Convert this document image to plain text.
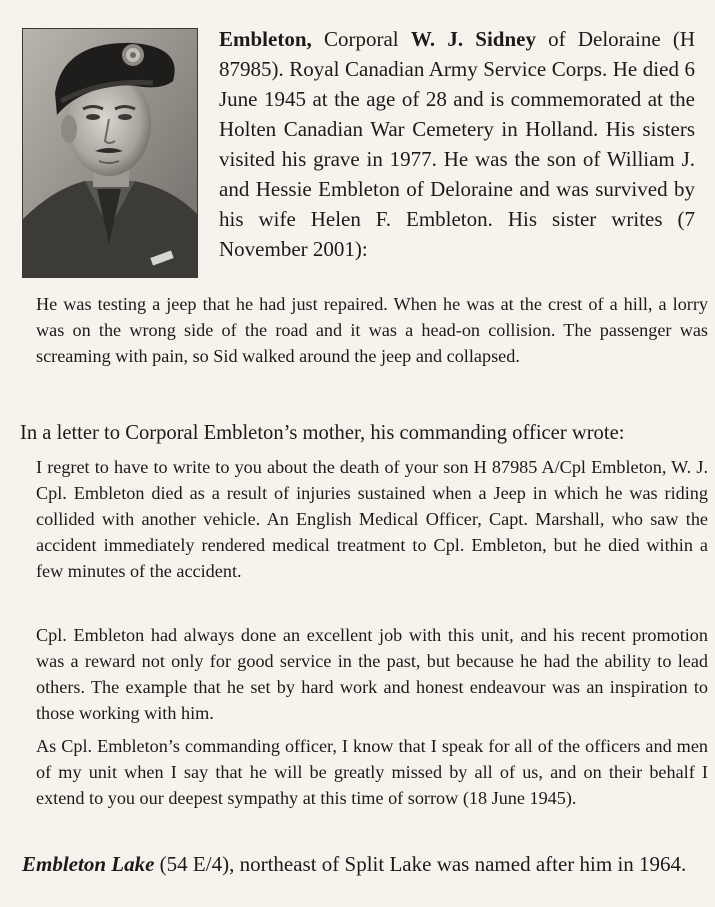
Embleton, Corporal W. J. Sidney of Deloraine (H 87985). Royal Canadian Army Service Corps. He died 6 June 1945 at the age of 28 and is commemorated at the Holten Canadian War Cemetery in Holland. His sisters visited his grave in 1977. He was the son of William J. and Hessie Embleton of Deloraine and was survived by his wife Helen F. Embleton. His sister writes (7 November 2001):

He was testing a jeep that he had just repaired. When he was at the crest of a hill, a lorry was on the wrong side of the road and it was a head-on collision. The passenger was screaming with pain, so Sid walked around the jeep and collapsed.

In a letter to Corporal Embleton’s mother, his commanding officer wrote:

I regret to have to write to you about the death of your son H 87985 A/Cpl Embleton, W. J. Cpl. Embleton died as a result of injuries sustained when a Jeep in which he was riding collided with another vehicle. An English Medical Officer, Capt. Marshall, who saw the accident immediately rendered medical treatment to Cpl. Embleton, but he died within a few minutes of the accident.

Cpl. Embleton had always done an excellent job with this unit, and his recent promotion was a reward not only for good service in the past, but because he had the ability to lead others. The example that he set by hard work and honest endeavour was an inspiration to those working with him.

As Cpl. Embleton’s commanding officer, I know that I speak for all of the officers and men of my unit when I say that he will be greatly missed by all of us, and on their behalf I extend to you our deepest sympathy at this time of sorrow (18 June 1945).

Embleton Lake (54 E/4), northeast of Split Lake was named after him in 1964.
